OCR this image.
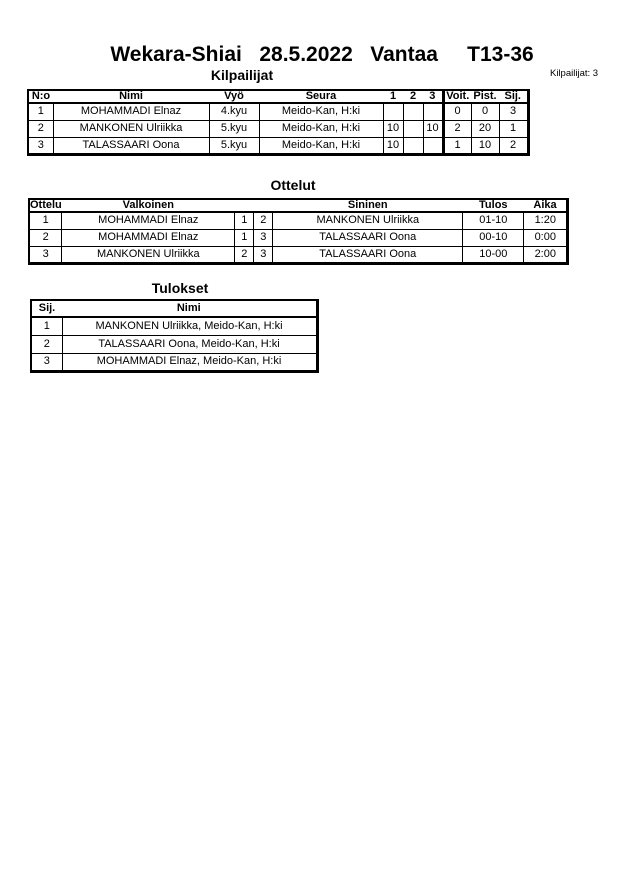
Wekara-Shiai   28.5.2022   Vantaa     T13-36
Kilpailijat	Kilpailijat: 3
N:o	Nimi	Vyö	Seura	1	2	3	Voit.	Pist.	Sij.
1	MOHAMMADI Elnaz	4.kyu	Meido-Kan, H:ki				0	0	3
2	MANKONEN Ulriikka	5.kyu	Meido-Kan, H:ki	10		10	2	20	1
3	TALASSAARI Oona	5.kyu	Meido-Kan, H:ki	10			1	10	2
Ottelut
Ottelu	Valkoinen			Sininen	Tulos	Aika
1	MOHAMMADI Elnaz	1	2	MANKONEN Ulriikka	01-10	1:20
2	MOHAMMADI Elnaz	1	3	TALASSAARI Oona	00-10	0:00
3	MANKONEN Ulriikka	2	3	TALASSAARI Oona	10-00	2:00
Tulokset
Sij.	Nimi
1	MANKONEN Ulriikka, Meido-Kan, H:ki
2	TALASSAARI Oona, Meido-Kan, H:ki
3	MOHAMMADI Elnaz, Meido-Kan, H:ki
